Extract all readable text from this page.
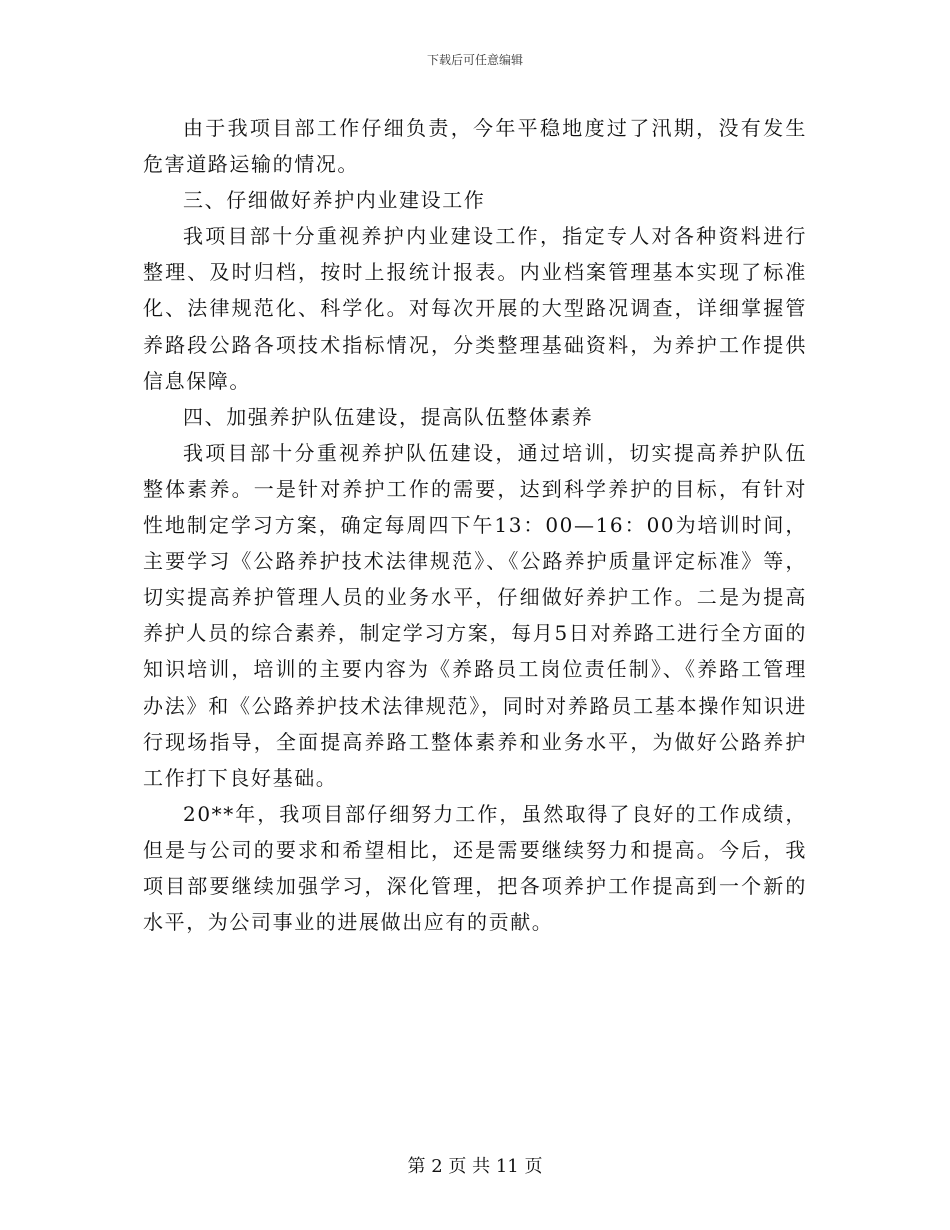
下载后可任意编辑

由于我项目部工作仔细负责，今年平稳地度过了汛期，没有发生危害道路运输的情况。

三、仔细做好养护内业建设工作

我项目部十分重视养护内业建设工作，指定专人对各种资料进行整理、及时归档，按时上报统计报表。内业档案管理基本实现了标准化、法律规范化、科学化。对每次开展的大型路况调查，详细掌握管养路段公路各项技术指标情况，分类整理基础资料，为养护工作提供信息保障。

四、加强养护队伍建设，提高队伍整体素养

我项目部十分重视养护队伍建设，通过培训，切实提高养护队伍整体素养。一是针对养护工作的需要，达到科学养护的目标，有针对性地制定学习方案，确定每周四下午13：00—16：00为培训时间，主要学习《公路养护技术法律规范》、《公路养护质量评定标准》等，切实提高养护管理人员的业务水平，仔细做好养护工作。二是为提高养护人员的综合素养，制定学习方案，每月5日对养路工进行全方面的知识培训，培训的主要内容为《养路员工岗位责任制》、《养路工管理办法》和《公路养护技术法律规范》，同时对养路员工基本操作知识进行现场指导，全面提高养路工整体素养和业务水平，为做好公路养护工作打下良好基础。

20**年，我项目部仔细努力工作，虽然取得了良好的工作成绩，但是与公司的要求和希望相比，还是需要继续努力和提高。今后，我项目部要继续加强学习，深化管理，把各项养护工作提高到一个新的水平，为公司事业的进展做出应有的贡献。

第 2 页 共 11 页
